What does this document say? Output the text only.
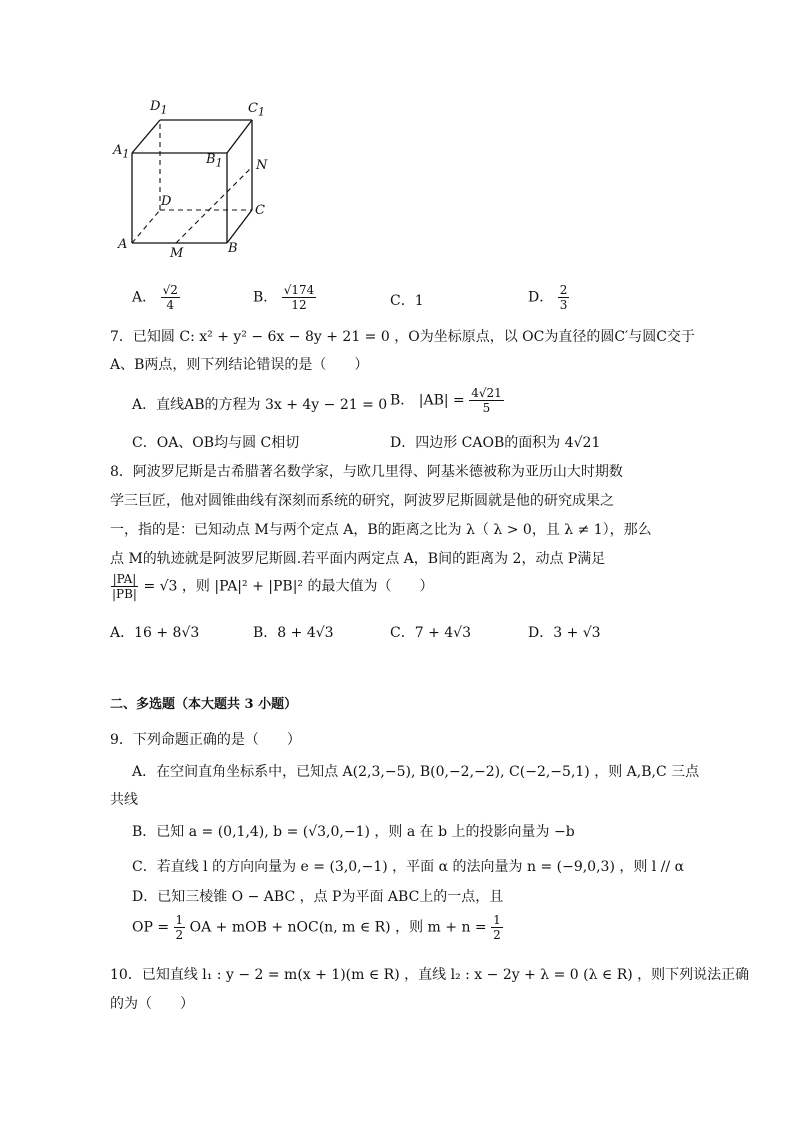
$D_1$	$C_1$
$A_1$	$B_1$	N
D
C
A
M	B
A． $\frac{√2}{4}$	B． $\frac{√174}{12}$	C．1	D． $\frac{2}{3}$
7．已知圆 C: x² + y² − 6x − 8y + 21 = 0 ，O为坐标原点，以 OC为直径的圆C′与圆C交于
A、B两点，则下列结论错误的是（　　）
A．直线AB的方程为 3x + 4y − 21 = 0 B． $|AB| = \frac{4√21}{5}$
C．OA、OB均与圆 C相切	D．四边形 CAOB的面积为 4√21
8．阿波罗尼斯是古希腊著名数学家，与欧几里得、阿基米德被称为亚历山大时期数
学三巨匠，他对圆锥曲线有深刻而系统的研究，阿波罗尼斯圆就是他的研究成果之
一，指的是：已知动点 M与两个定点 A，B的距离之比为 λ（ λ > 0，且 λ ≠ 1），那么
点 M的轨迹就是阿波罗尼斯圆.若平面内两定点 A，B间的距离为 2，动点 P满足
$\frac{|PA|}{|PB|} = √3$ ，则 |PA|² + |PB|² 的最大值为（　　）
A．16 + 8√3	B．8 + 4√3	C．7 + 4√3	D．3 + √3
二、多选题（本大题共 3 小题）
9．下列命题正确的是（　　）
A．在空间直角坐标系中，已知点 A(2,3,−5), B(0,−2,−2), C(−2,−5,1) ，则 A,B,C 三点
共线
B．已知 a = (0,1,4), b = (√3,0,−1) ，则 a 在 b 上的投影向量为 −b
C．若直线 l 的方向向量为 e = (3,0,−1) ，平面 α 的法向量为 n = (−9,0,3) ，则 l // α
D．已知三棱锥 O − ABC ，点 P为平面 ABC上的一点，且
OP = $\frac{1}{2}$ OA + mOB + nOC(n, m ∈ R) ，则 $m + n = \frac{1}{2}$
10．已知直线 l₁ : y − 2 = m(x + 1)(m ∈ R) ，直线 l₂ : x − 2y + λ = 0 (λ ∈ R) ，则下列说法正确
的为（　　）
